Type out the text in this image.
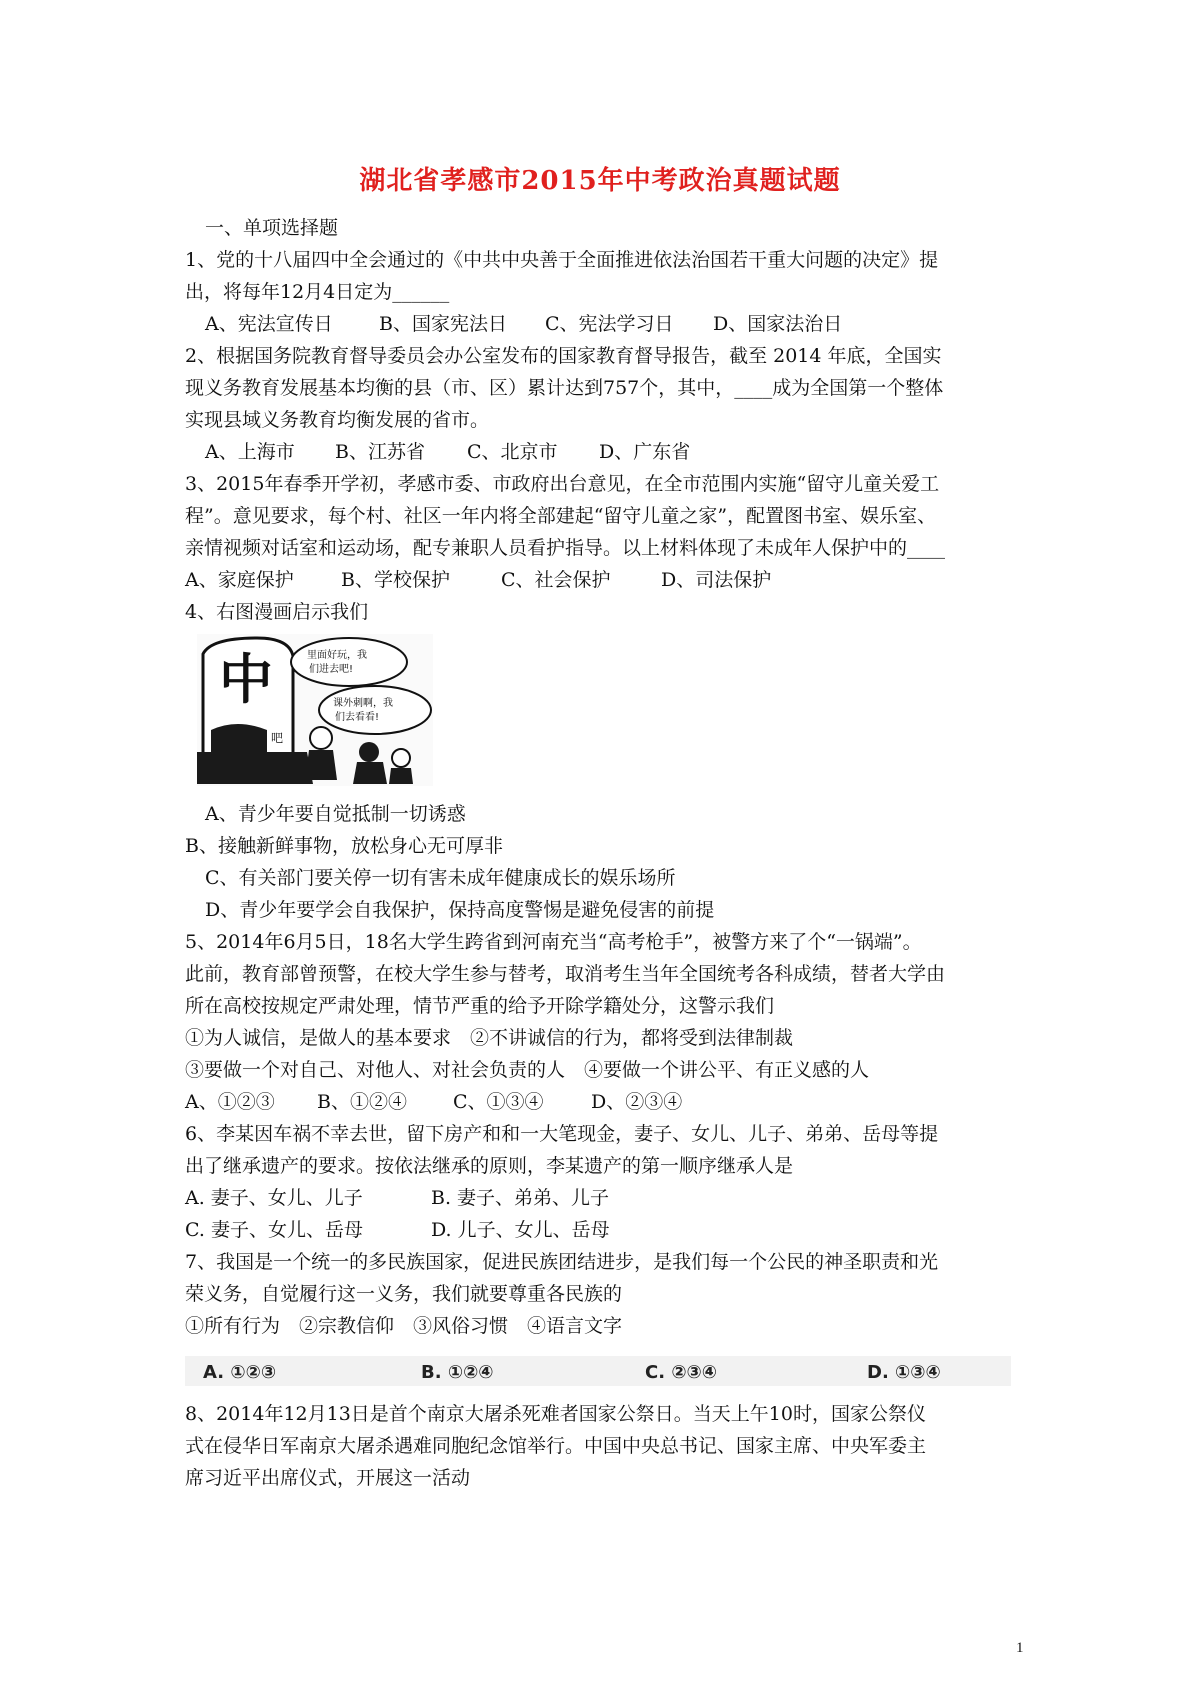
湖北省孝感市2015年中考政治真题试题
一、单项选择题
1、党的十八届四中全会通过的《中共中央善于全面推进依法治国若干重大问题的决定》提
出，将每年12月4日定为______
A、宪法宣传日	B、国家宪法日	C、宪法学习日	D、国家法治日
2、根据国务院教育督导委员会办公室发布的国家教育督导报告，截至 2014 年底，全国实
现义务教育发展基本均衡的县（市、区）累计达到757个，其中，____成为全国第一个整体
实现县域义务教育均衡发展的省市。
A、上海市	B、江苏省	C、北京市	D、广东省
3、2015年春季开学初，孝感市委、市政府出台意见，在全市范围内实施“留守儿童关爱工
程”。意见要求，每个村、社区一年内将全部建起“留守儿童之家”，配置图书室、娱乐室、
亲情视频对话室和运动场，配专兼职人员看护指导。以上材料体现了未成年人保护中的____
A、家庭保护	B、学校保护	C、社会保护	D、司法保护
4、右图漫画启示我们
中
吧
里面好玩，我
们进去吧!
课外刺啊，我
们去看看!
A、青少年要自觉抵制一切诱惑
B、接触新鲜事物，放松身心无可厚非
C、有关部门要关停一切有害未成年健康成长的娱乐场所
D、青少年要学会自我保护，保持高度警惕是避免侵害的前提
5、2014年6月5日，18名大学生跨省到河南充当“高考枪手”，被警方来了个“一锅端”。
此前，教育部曾预警，在校大学生参与替考，取消考生当年全国统考各科成绩，替者大学由
所在高校按规定严肃处理，情节严重的给予开除学籍处分，这警示我们
①为人诚信，是做人的基本要求　②不讲诚信的行为，都将受到法律制裁
③要做一个对自己、对他人、对社会负责的人　④要做一个讲公平、有正义感的人
A、①②③	B、①②④	C、①③④	D、②③④
6、李某因车祸不幸去世，留下房产和和一大笔现金，妻子、女儿、儿子、弟弟、岳母等提
出了继承遗产的要求。按依法继承的原则，李某遗产的第一顺序继承人是
A. 妻子、女儿、儿子	B. 妻子、弟弟、儿子
C. 妻子、女儿、岳母	D. 儿子、女儿、岳母
7、我国是一个统一的多民族国家，促进民族团结进步，是我们每一个公民的神圣职责和光
荣义务，自觉履行这一义务，我们就要尊重各民族的
①所有行为　②宗教信仰　③风俗习惯　④语言文字
A. ①②③	B. ①②④	C. ②③④	D. ①③④
8、2014年12月13日是首个南京大屠杀死难者国家公祭日。当天上午10时，国家公祭仪
式在侵华日军南京大屠杀遇难同胞纪念馆举行。中国中央总书记、国家主席、中央军委主
席习近平出席仪式，开展这一活动
1
